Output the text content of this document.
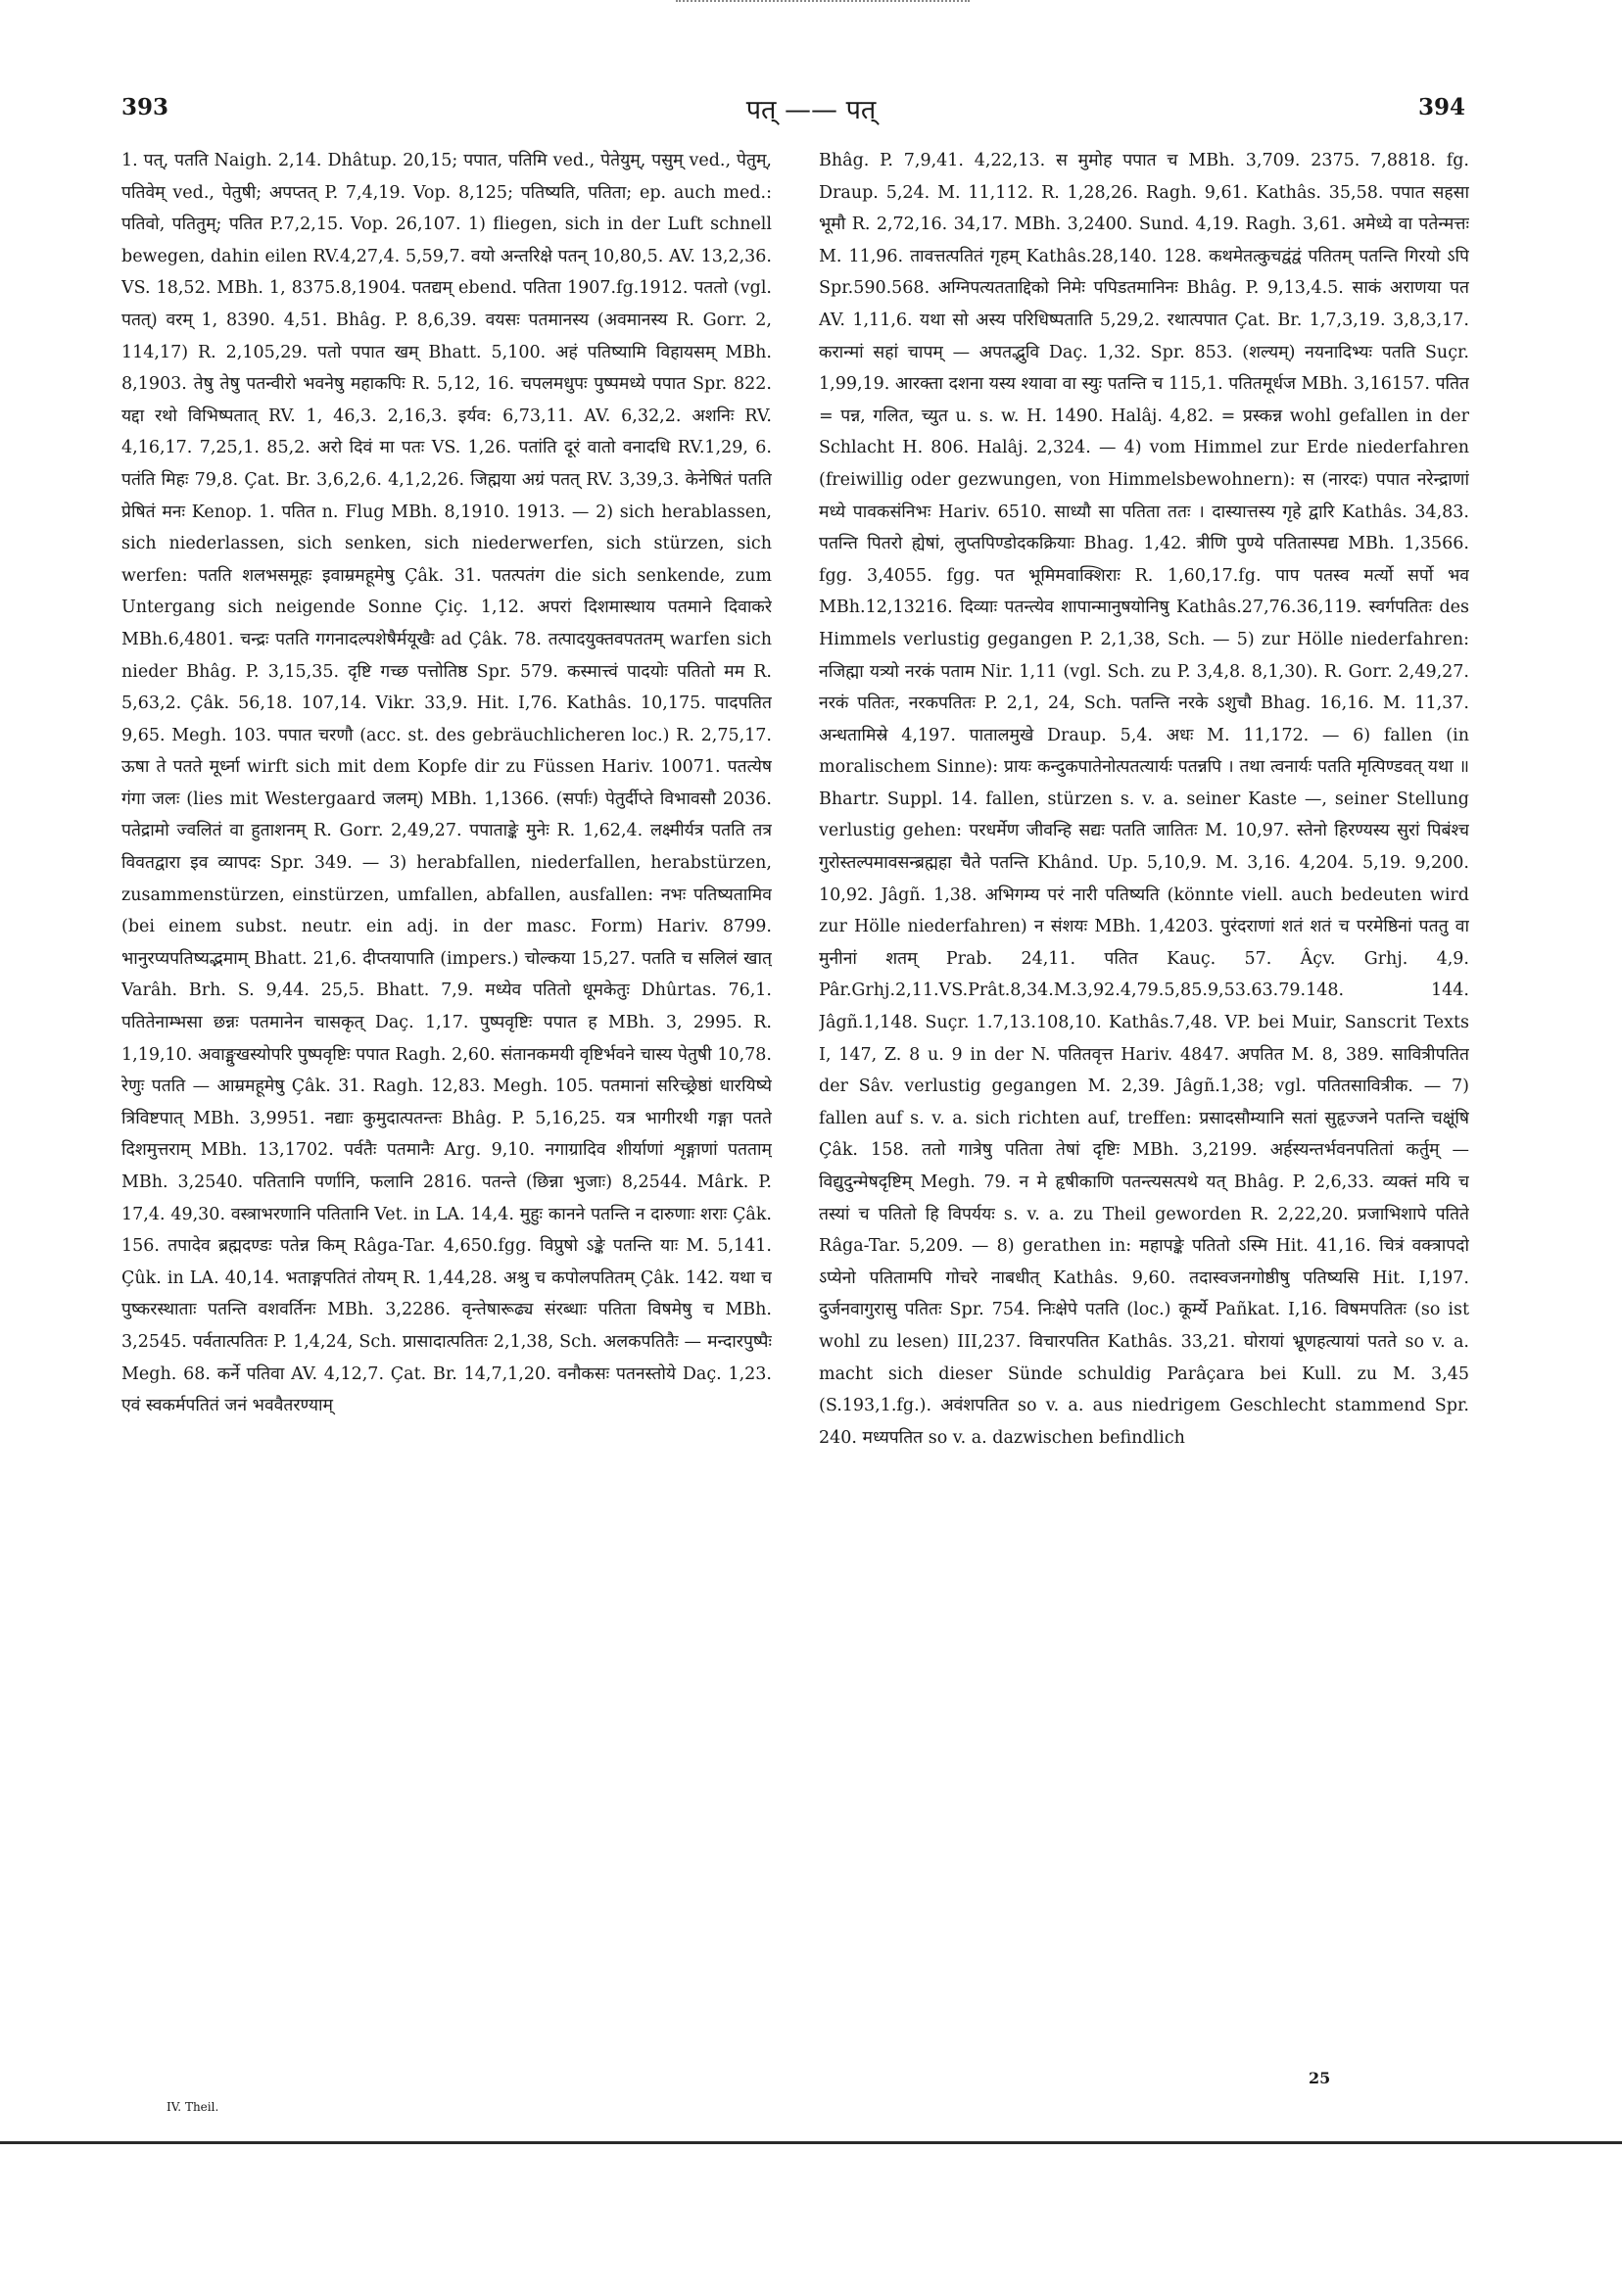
393	पत् —— पत्	394

1. पत्, पतति Naigh. 2,14. Dhâtup. 20,15; पपात, पतिमि ved., पेतेयुम्, पसुम् ved., पेतुम्, पतिवेम् ved., पेतुषी; अपप्तत् P. 7,4,19. Vop. 8,125; पतिष्यति, पतिता; ep. auch med.: पतिवो, पतितुम्; पतित P.7,2,15. Vop. 26,107. 1) fliegen, sich in der Luft schnell bewegen, dahin eilen RV.4,27,4. 5,59,7. वयो अन्तरिक्षे पतन् 10,80,5. AV. 13,2,36. VS. 18,52. MBh. 1, 8375.8,1904. पतद्यम् ebend. पतिता 1907.fg.1912. पततो (vgl. पतत्) वरम् 1, 8390. 4,51. Bhâg. P. 8,6,39. वयसः पतमानस्य (अवमानस्य R. Gorr. 2, 114,17) R. 2,105,29. पतो पपात खम् Bhatt. 5,100. अहं पतिष्यामि विहायसम् MBh. 8,1903. तेषु तेषु पतन्वीरो भवनेषु महाकपिः R. 5,12, 16. चपलमधुपः पुष्पमध्ये पपात Spr. 822. यद्दा रथो विभिष्पतात् RV. 1, 46,3. 2,16,3. इर्यव: 6,73,11. AV. 6,32,2. अशनिः RV. 4,16,17. 7,25,1. 85,2. अरो दिवं मा पतः VS. 1,26. पतांति दूरं वातो वनादधि RV.1,29, 6. पतंति मिहः 79,8. Çat. Br. 3,6,2,6. 4,1,2,26. जिह्मया अग्रं पतत् RV. 3,39,3. केनेषितं पतति प्रेषितं मनः Kenop. 1. पतित n. Flug MBh. 8,1910. 1913. — 2) sich herablassen, sich niederlassen, sich senken, sich niederwerfen, sich stürzen, sich werfen: पतति शलभसमूहः इवाम्रमहूमेषु Çâk. 31. पतत्पतंग die sich senkende, zum Untergang sich neigende Sonne Çiç. 1,12. अपरां दिशमास्थाय पतमाने दिवाकरे MBh.6,4801. चन्द्रः पतति गगनादल्पशेषैर्मयूखैः ad Çâk. 78. तत्पादयुक्तवपततम् warfen sich nieder Bhâg. P. 3,15,35. दृष्टि गच्छ पत्तोतिष्ठ Spr. 579. कस्मात्त्वं पादयोः पतितो मम R. 5,63,2. Çâk. 56,18. 107,14. Vikr. 33,9. Hit. I,76. Kathâs. 10,175. पादपतित 9,65. Megh. 103. पपात चरणौ (acc. st. des gebräuchlicheren loc.) R. 2,75,17. ऊषा ते पतते मूर्ध्ना wirft sich mit dem Kopfe dir zu Füssen Hariv. 10071. पतत्येष गंगा जलः (lies mit Westergaard जलम्) MBh. 1,1366. (सर्पाः) पेतुर्दीप्ते विभावसौ 2036. पतेद्रामो ज्वलितं वा हुताशनम् R. Gorr. 2,49,27. पपाताङ्के मुनेः R. 1,62,4. लक्ष्मीर्यत्र पतति तत्र विवतद्वारा इव व्यापदः Spr. 349. — 3) herabfallen, niederfallen, herabstürzen, zusammenstürzen, einstürzen, umfallen, abfallen, ausfallen: नभः पतिष्यतामिव (bei einem subst. neutr. ein adj. in der masc. Form) Hariv. 8799. भानुरप्यपतिष्यद्भमाम् Bhatt. 21,6. दीप्तयापाति (impers.) चोल्कया 15,27. पतति च सलिलं खात् Varâh. Brh. S. 9,44. 25,5. Bhatt. 7,9. मध्येव पतितो धूमकेतुः Dhûrtas. 76,1. पतितेनाम्भसा छन्नः पतमानेन चासकृत् Daç. 1,17. पुष्पवृष्टिः पपात ह MBh. 3, 2995. R. 1,19,10. अवाङ्मुखस्योपरि पुष्पवृष्टिः पपात Ragh. 2,60. संतानकमयी वृष्टिर्भवने चास्य पेतुषी 10,78. रेणुः पतति — आम्रमहूमेषु Çâk. 31. Ragh. 12,83. Megh. 105. पतमानां सरिच्छ्रेष्ठां धारयिष्ये त्रिविष्टपात् MBh. 3,9951. नद्याः कुमुदात्पतन्तः Bhâg. P. 5,16,25. यत्र भागीरथी गङ्गा पतते दिशमुत्तराम् MBh. 13,1702. पर्वतैः पतमानैः Arg. 9,10. नगाग्रादिव शीर्याणां शृङ्गाणां पतताम् MBh. 3,2540. पतितानि पर्णानि, फलानि 2816. पतन्ते (छिन्ना भुजाः) 8,2544. Mârk. P. 17,4. 49,30. वस्त्राभरणानि पतितानि Vet. in LA. 14,4. मुहुः कानने पतन्ति न दारुणाः शराः Çâk. 156. तपादेव ब्रह्मदण्डः पतेन्न किम् Râga-Tar. 4,650.fgg. विप्रुषो ऽङ्के पतन्ति याः M. 5,141. Çûk. in LA. 40,14. भताङ्गपतितं तोयम् R. 1,44,28. अश्रु च कपोलपतितम् Çâk. 142. यथा च पुष्करस्थाताः पतन्ति वशवर्तिनः MBh. 3,2286. वृन्तेषारूढ्य संरब्धाः पतिता विषमेषु च MBh. 3,2545. पर्वतात्पतितः P. 1,4,24, Sch. प्रासादात्पतितः 2,1,38, Sch. अलकपतितैः — मन्दारपुष्पैः Megh. 68. कर्ने पतिवा AV. 4,12,7. Çat. Br. 14,7,1,20. वनौकसः पतनस्तोये Daç. 1,23. एवं स्वकर्मपतितं जनं भववैतरण्याम्

Bhâg. P. 7,9,41. 4,22,13. स मुमोह पपात च MBh. 3,709. 2375. 7,8818. fg. Draup. 5,24. M. 11,112. R. 1,28,26. Ragh. 9,61. Kathâs. 35,58. पपात सहसा भूमौ R. 2,72,16. 34,17. MBh. 3,2400. Sund. 4,19. Ragh. 3,61. अमेध्ये वा पतेन्मत्तः M. 11,96. तावत्तत्पतितं गृहम् Kathâs.28,140. 128. कथमेतत्कुचद्वंद्वं पतितम् पतन्ति गिरयो ऽपि Spr.590.568. अग्निपत्यतताद्दिको निमेः पपिडतमानिनः Bhâg. P. 9,13,4.5. साकं अराणया पत AV. 1,11,6. यथा सो अस्य परिधिष्पताति 5,29,2. रथात्पपात Çat. Br. 1,7,3,19. 3,8,3,17. करान्मां सहां चापम् — अपतद्भुवि Daç. 1,32. Spr. 853. (शल्यम्) नयनादिभ्यः पतति Suçr. 1,99,19. आरक्ता दशना यस्य श्यावा वा स्युः पतन्ति च 115,1. पतितमूर्धज MBh. 3,16157. पतित = पन्न, गलित, च्युत u. s. w. H. 1490. Halâj. 4,82. = प्रस्कन्न wohl gefallen in der Schlacht H. 806. Halâj. 2,324. — 4) vom Himmel zur Erde niederfahren (freiwillig oder gezwungen, von Himmelsbewohnern): स (नारदः) पपात नरेन्द्राणां मध्ये पावकसंनिभः Hariv. 6510. साध्यौ सा पतिता ततः । दास्यात्तस्य गृहे द्वारि Kathâs. 34,83. पतन्ति पितरो ह्येषां, लुप्तपिण्डोदकक्रियाः Bhag. 1,42. त्रीणि पुण्ये पतितास्पद्य MBh. 1,3566. fgg. 3,4055. fgg. पत भूमिमवाक्शिराः R. 1,60,17.fg. पाप पतस्व मर्त्यो सर्पो भव MBh.12,13216. दिव्याः पतन्त्येव शापान्मानुषयोनिषु Kathâs.27,76.36,119. स्वर्गपतितः des Himmels verlustig gegangen P. 2,1,38, Sch. — 5) zur Hölle niederfahren: नजिह्मा यत्र्यो नरकं पताम Nir. 1,11 (vgl. Sch. zu P. 3,4,8. 8,1,30). R. Gorr. 2,49,27. नरकं पतितः, नरकपतितः P. 2,1, 24, Sch. पतन्ति नरके ऽशुचौ Bhag. 16,16. M. 11,37. अन्धतामिस्रे 4,197. पातालमुखे Draup. 5,4. अधः M. 11,172. — 6) fallen (in moralischem Sinne): प्रायः कन्दुकपातेनोत्पतत्यार्यः पतन्नपि । तथा त्वनार्यः पतति मृत्पिण्डवत् यथा ॥ Bhartr. Suppl. 14. fallen, stürzen s. v. a. seiner Kaste —, seiner Stellung verlustig gehen: परधर्मेण जीवन्हि सद्यः पतति जातितः M. 10,97. स्तेनो हिरण्यस्य सुरां पिबंश्च गुरोस्तल्पमावसन्ब्रह्महा चैते पतन्ति Khând. Up. 5,10,9. M. 3,16. 4,204. 5,19. 9,200. 10,92. Jâgñ. 1,38. अभिगम्य परं नारी पतिष्यति (könnte viell. auch bedeuten wird zur Hölle niederfahren) न संशयः MBh. 1,4203. पुरंदराणां शतं शतं च परमेष्ठिनां पततु वा मुनीनां शतम् Prab. 24,11. पतित Kauç. 57. Âçv. Grhj. 4,9. Pâr.Grhj.2,11.VS.Prât.8,34.M.3,92.4,79.5,85.9,53.63.79.148. 144. Jâgñ.1,148. Suçr. 1.7,13.108,10. Kathâs.7,48. VP. bei Muir, Sanscrit Texts I, 147, Z. 8 u. 9 in der N. पतितवृत्त Hariv. 4847. अपतित M. 8, 389. सावित्रीपतित der Sâv. verlustig gegangen M. 2,39. Jâgñ.1,38; vgl. पतितसावित्रीक. — 7) fallen auf s. v. a. sich richten auf, treffen: प्रसादसौम्यानि सतां सुहृज्जने पतन्ति चक्षूंषि Çâk. 158. ततो गात्रेषु पतिता तेषां दृष्टिः MBh. 3,2199. अर्हस्यन्तर्भवनपतितां कर्तुम् — विद्युदुन्मेषदृष्टिम् Megh. 79. न मे हृषीकाणि पतन्त्यसत्पथे यत् Bhâg. P. 2,6,33. व्यक्तं मयि च तस्यां च पतितो हि विपर्ययः s. v. a. zu Theil geworden R. 2,22,20. प्रजाभिशापे पतिते Râga-Tar. 5,209. — 8) gerathen in: महापङ्के पतितो ऽस्मि Hit. 41,16. चित्रं वक्त्रापदो ऽप्येनो पतितामपि गोचरे नाबधीत् Kathâs. 9,60. तदास्वजनगोष्ठीषु पतिष्यसि Hit. I,197. दुर्जनवागुरासु पतितः Spr. 754. निःक्षेपे पतति (loc.) कूर्म्ये Pañkat. I,16. विषमपतितः (so ist wohl zu lesen) III,237. विचारपतित Kathâs. 33,21. घोरायां भ्रूणहत्यायां पतते so v. a. macht sich dieser Sünde schuldig Parâçara bei Kull. zu M. 3,45 (S.193,1.fg.). अवंशपतित so v. a. aus niedrigem Geschlecht stammend Spr. 240. मध्यपतित so v. a. dazwischen befindlich

IV. Theil.
25
